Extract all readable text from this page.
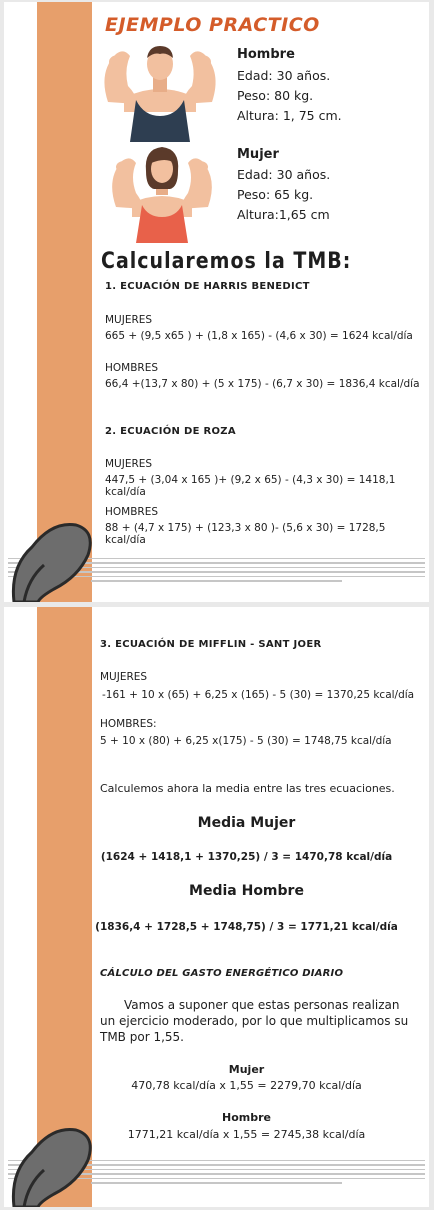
EJEMPLO PRACTICO
Hombre
Edad: 30 años.
Peso: 80 kg.
Altura: 1, 75 cm.
Mujer
Edad: 30 años.
Peso: 65 kg.
Altura:1,65 cm
Calcularemos la TMB:
1. ECUACIÓN DE HARRIS BENEDICT
MUJERES
665 + (9,5 x65 ) + (1,8 x 165) - (4,6 x 30) = 1624 kcal/día
HOMBRES
66,4 +(13,7 x 80) + (5 x 175) - (6,7 x 30) = 1836,4 kcal/día
2. ECUACIÓN DE ROZA
MUJERES
447,5 + (3,04 x 165 )+ (9,2 x 65) - (4,3 x 30) = 1418,1 kcal/día
HOMBRES
88 + (4,7 x 175) + (123,3 x 80 )- (5,6 x 30) = 1728,5 kcal/día
3. ECUACIÓN DE MIFFLIN - SANT JOER
MUJERES
-161 + 10 x (65) + 6,25 x (165) - 5 (30) = 1370,25 kcal/día
HOMBRES:
5 + 10 x (80) + 6,25 x(175) - 5 (30) = 1748,75 kcal/día
Calculemos ahora la media entre las tres ecuaciones.
Media Mujer
(1624 + 1418,1 + 1370,25) / 3 = 1470,78 kcal/día
Media Hombre
(1836,4 + 1728,5 + 1748,75) / 3 = 1771,21 kcal/día
CÁLCULO DEL GASTO ENERGÉTICO DIARIO
Vamos a suponer que estas personas realizan un ejercicio moderado, por lo que multiplicamos su TMB por 1,55.
Mujer
470,78 kcal/día x 1,55 = 2279,70 kcal/día
Hombre
1771,21 kcal/día x 1,55 = 2745,38 kcal/día
